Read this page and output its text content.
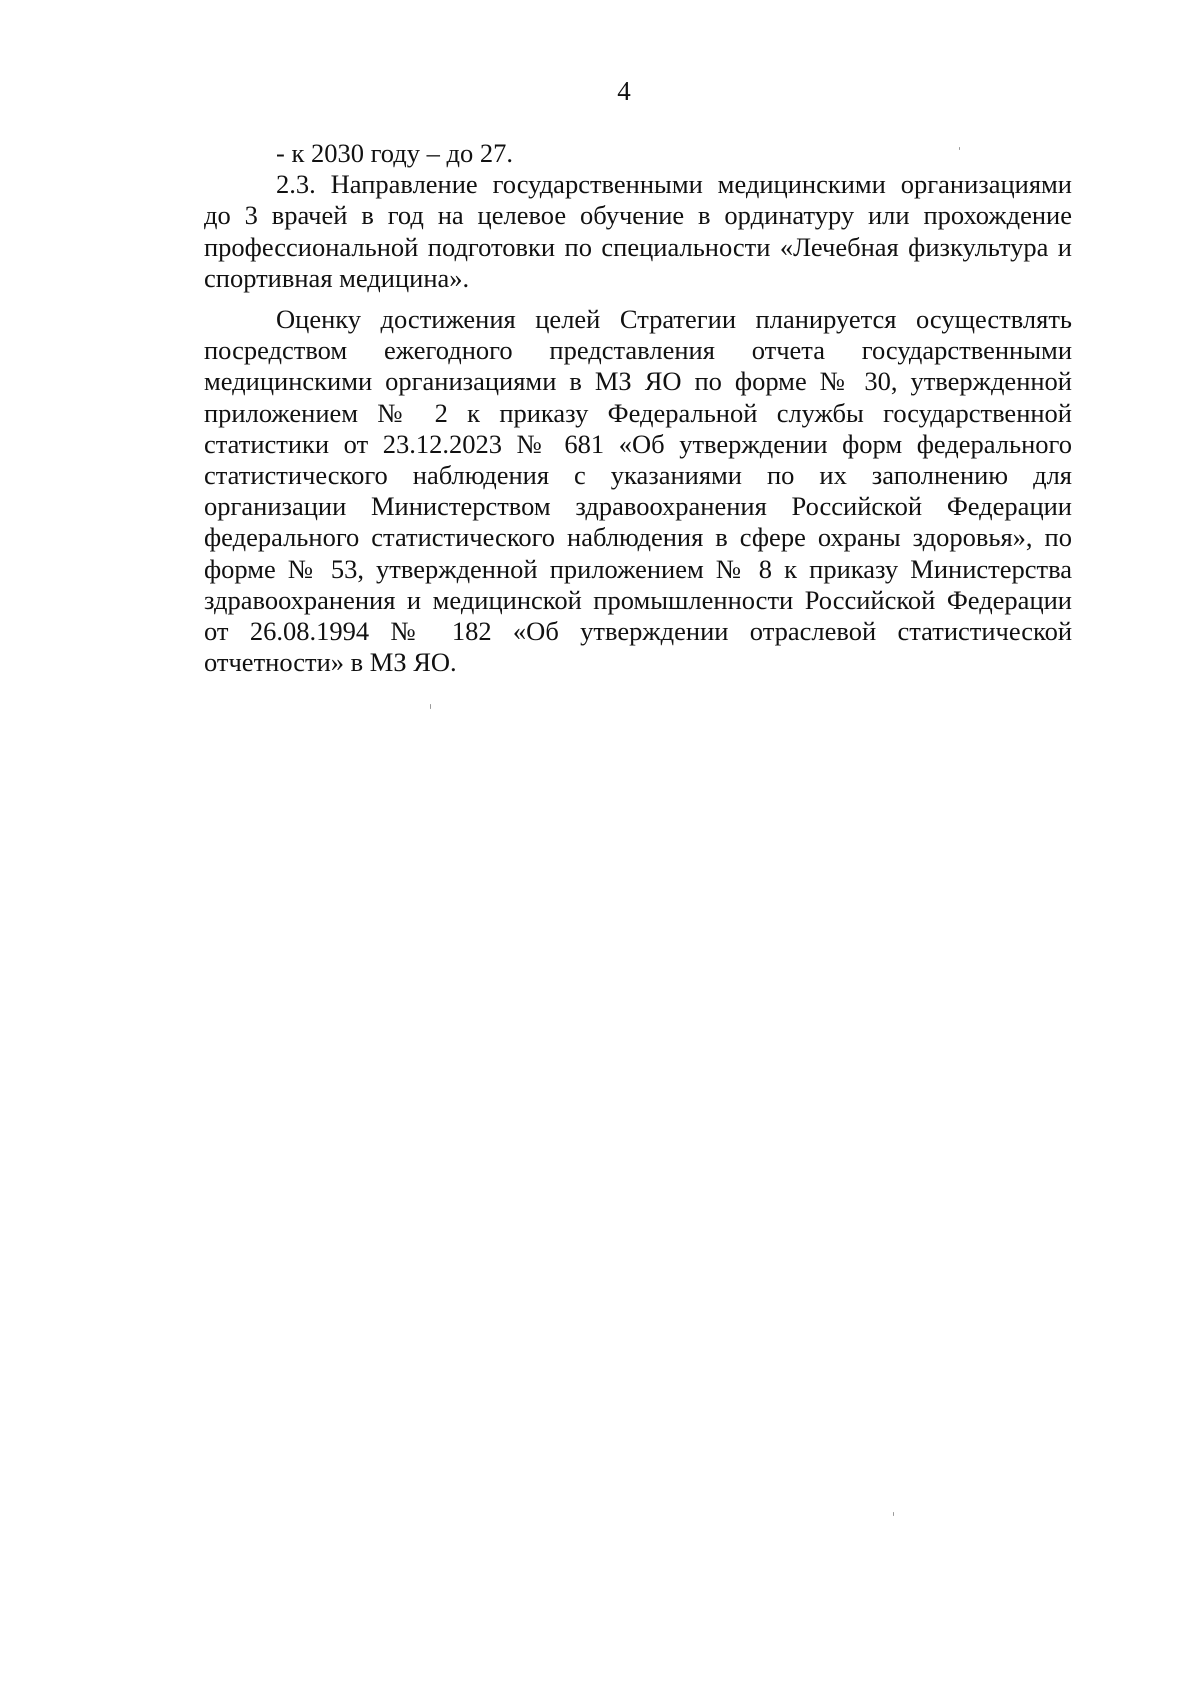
4

- к 2030 году – до 27.

2.3. Направление государственными медицинскими организациями до 3 врачей в год на целевое обучение в ординатуру или прохождение профессиональной подготовки по специальности «Лечебная физкультура и спортивная медицина».

Оценку достижения целей Стратегии планируется осуществлять посредством ежегодного представления отчета государственными медицинскими организациями в МЗ ЯО по форме № 30, утвержденной приложением № 2 к приказу Федеральной службы государственной статистики от 23.12.2023 № 681 «Об утверждении форм федерального статистического наблюдения с указаниями по их заполнению для организации Министерством здравоохранения Российской Федерации федерального статистического наблюдения в сфере охраны здоровья», по форме № 53, утвержденной приложением № 8 к приказу Министерства здравоохранения и медицинской промышленности Российской Федерации от 26.08.1994 № 182 «Об утверждении отраслевой статистической отчетности» в МЗ ЯО.
